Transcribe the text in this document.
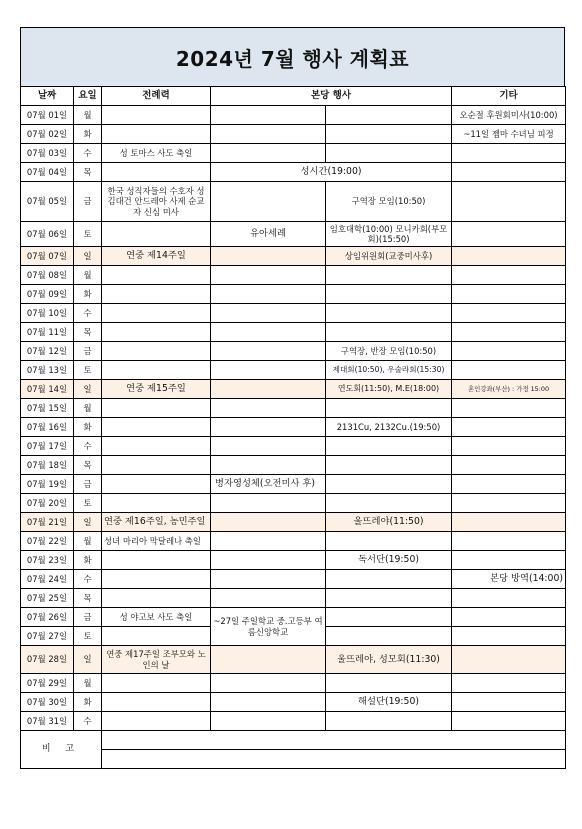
2024년 7월 행사 계획표
날짜	요일	전례력	본당 행사		기타
07월 01일	월				오순절 후원회미사(10:00)
07월 02일	화				~11일 젬마 수녀님 피정
07월 03일	수	성 토마스 사도 축일			
07월 04일	목		성시간(19:00)		
07월 05일	금	한국 성직자들의 수호자 성 김대건 안드레아 사제 순교자 신심 미사		구역장 모임(10:50)	
07월 06일	토		유아세례	임호대학(10:00) 모니카회(부모회)(15:50)	
07월 07일	일	연중 제14주일		상임위원회(교중미사후)	
07월 08일	월				
07월 09일	화				
07월 10일	수				
07월 11일	목				
07월 12일	금			구역장, 반장 모임(10:50)	
07월 13일	토			제대회(10:50), 우술라회(15:30)	
07월 14일	일	연중 제15주일		연도회(11:50), M.E(18:00)	혼인강좌(부산) : 가정 15:00
07월 15일	월				
07월 16일	화			2131Cu, 2132Cu.(19:50)	
07월 17일	수				
07월 18일	목				
07월 19일	금		병자영성체(오전미사 후)		
07월 20일	토				
07월 21일	일	연중 제16주일, 농민주일		울뜨레야(11:50)	
07월 22일	월	성녀 마리아 막달레나 축일			
07월 23일	화			독서단(19:50)	
07월 24일	수				본당 방역(14:00)
07월 25일	목				
07월 26일	금	성 야고보 사도 축일	~27일 주일학교 중.고등부 여름신앙학교		
07월 27일	토				
07월 28일	일	연중 제17주일 조부모와 노인의 날		울뜨레야, 성모회(11:30)	
07월 29일	월				
07월 30일	화			해설단(19:50)	
07월 31일	수				
비 고					
